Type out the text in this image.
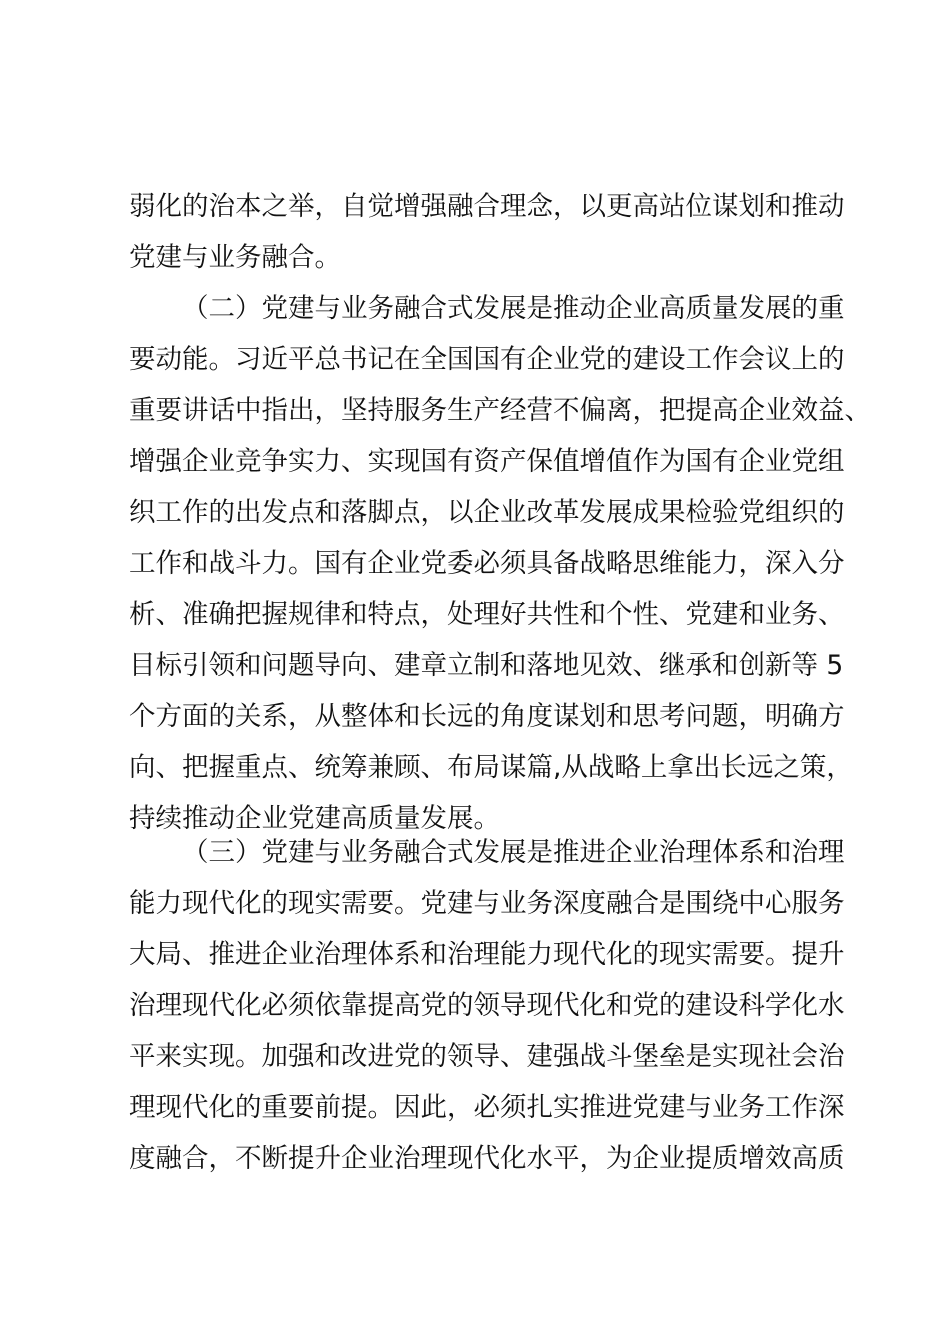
弱化的治本之举，自觉增强融合理念，以更高站位谋划和推动
党建与业务融合。
（二）党建与业务融合式发展是推动企业高质量发展的重
要动能。习近平总书记在全国国有企业党的建设工作会议上的
重要讲话中指出，坚持服务生产经营不偏离，把提高企业效益、
增强企业竞争实力、实现国有资产保值增值作为国有企业党组
织工作的出发点和落脚点，以企业改革发展成果检验党组织的
工作和战斗力。国有企业党委必须具备战略思维能力，深入分
析、准确把握规律和特点，处理好共性和个性、党建和业务、
目标引领和问题导向、建章立制和落地见效、继承和创新等 5
个方面的关系，从整体和长远的角度谋划和思考问题，明确方
向、把握重点、统筹兼顾、布局谋篇,从战略上拿出长远之策，
持续推动企业党建高质量发展。
（三）党建与业务融合式发展是推进企业治理体系和治理
能力现代化的现实需要。党建与业务深度融合是围绕中心服务
大局、推进企业治理体系和治理能力现代化的现实需要。提升
治理现代化必须依靠提高党的领导现代化和党的建设科学化水
平来实现。加强和改进党的领导、建强战斗堡垒是实现社会治
理现代化的重要前提。因此，必须扎实推进党建与业务工作深
度融合，不断提升企业治理现代化水平，为企业提质增效高质
